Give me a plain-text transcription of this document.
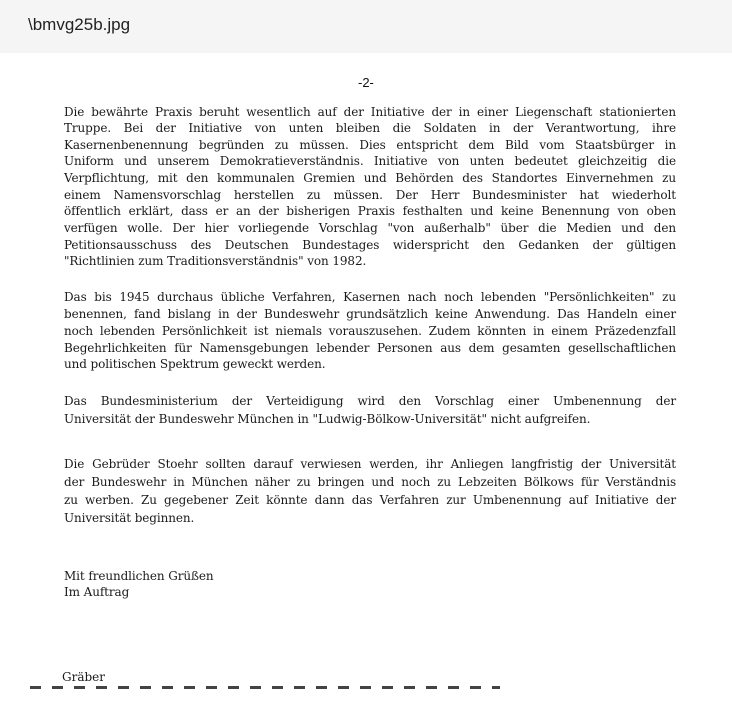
\bmvg25b.jpg
-2-
Die bewährte Praxis beruht wesentlich auf der Initiative der in einer Liegenschaft stationierten
Truppe. Bei der Initiative von unten bleiben die Soldaten in der Verantwortung, ihre
Kasernenbenennung begründen zu müssen. Dies entspricht dem Bild vom Staatsbürger in
Uniform und unserem Demokratieverständnis. Initiative von unten bedeutet gleichzeitig die
Verpflichtung, mit den kommunalen Gremien und Behörden des Standortes Einvernehmen zu
einem Namensvorschlag herstellen zu müssen. Der Herr Bundesminister hat wiederholt
öffentlich erklärt, dass er an der bisherigen Praxis festhalten und keine Benennung von oben
verfügen wolle. Der hier vorliegende Vorschlag "von außerhalb" über die Medien und den
Petitionsausschuss des Deutschen Bundestages widerspricht den Gedanken der gültigen
"Richtlinien zum Traditionsverständnis" von 1982.
Das bis 1945 durchaus übliche Verfahren, Kasernen nach noch lebenden "Persönlichkeiten" zu
benennen, fand bislang in der Bundeswehr grundsätzlich keine Anwendung. Das Handeln einer
noch lebenden Persönlichkeit ist niemals vorauszusehen. Zudem könnten in einem Präzedenzfall
Begehrlichkeiten für Namensgebungen lebender Personen aus dem gesamten gesellschaftlichen
und politischen Spektrum geweckt werden.
Das Bundesministerium der Verteidigung wird den Vorschlag einer Umbenennung der
Universität der Bundeswehr München in "Ludwig-Bölkow-Universität" nicht aufgreifen.
Die Gebrüder Stoehr sollten darauf verwiesen werden, ihr Anliegen langfristig der Universität
der Bundeswehr in München näher zu bringen und noch zu Lebzeiten Bölkows für Verständnis
zu werben. Zu gegebener Zeit könnte dann das Verfahren zur Umbenennung auf Initiative der
Universität beginnen.
Mit freundlichen Grüßen
Im Auftrag
Gräber
